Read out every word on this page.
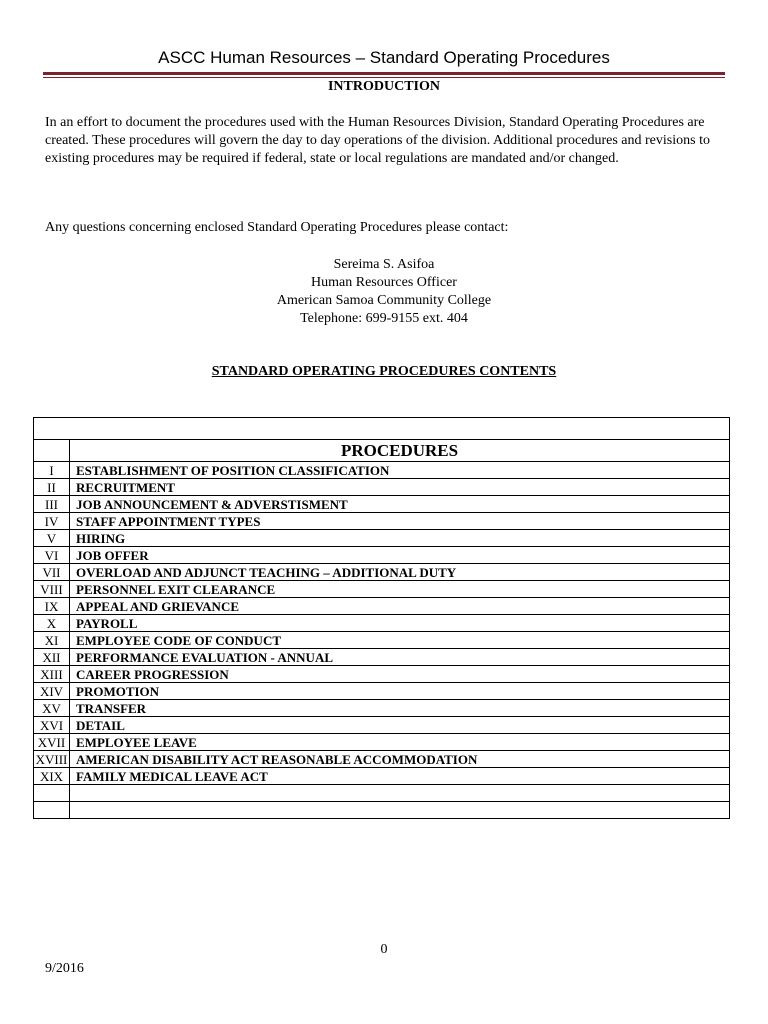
ASCC Human Resources – Standard Operating Procedures
INTRODUCTION

In an effort to document the procedures used with the Human Resources Division, Standard Operating Procedures are created. These procedures will govern the day to day operations of the division. Additional procedures and revisions to existing procedures may be required if federal, state or local regulations are mandated and/or changed.

Any questions concerning enclosed Standard Operating Procedures please contact:

Sereima S. Asifoa
Human Resources Officer
American Samoa Community College
Telephone: 699-9155 ext. 404
STANDARD OPERATING PROCEDURES CONTENTS

	PROCEDURES
I	ESTABLISHMENT OF POSITION CLASSIFICATION
II	RECRUITMENT
III	JOB ANNOUNCEMENT & ADVERSTISMENT
IV	STAFF APPOINTMENT TYPES
V	HIRING
VI	JOB OFFER
VII	OVERLOAD AND ADJUNCT TEACHING – ADDITIONAL DUTY
VIII	PERSONNEL EXIT CLEARANCE
IX	APPEAL AND GRIEVANCE
X	PAYROLL
XI	EMPLOYEE CODE OF CONDUCT
XII	PERFORMANCE EVALUATION - ANNUAL
XIII	CAREER PROGRESSION
XIV	PROMOTION
XV	TRANSFER
XVI	DETAIL
XVII	EMPLOYEE LEAVE
XVIII	AMERICAN DISABILITY ACT REASONABLE ACCOMMODATION
XIX	FAMILY MEDICAL LEAVE ACT

0
9/2016
